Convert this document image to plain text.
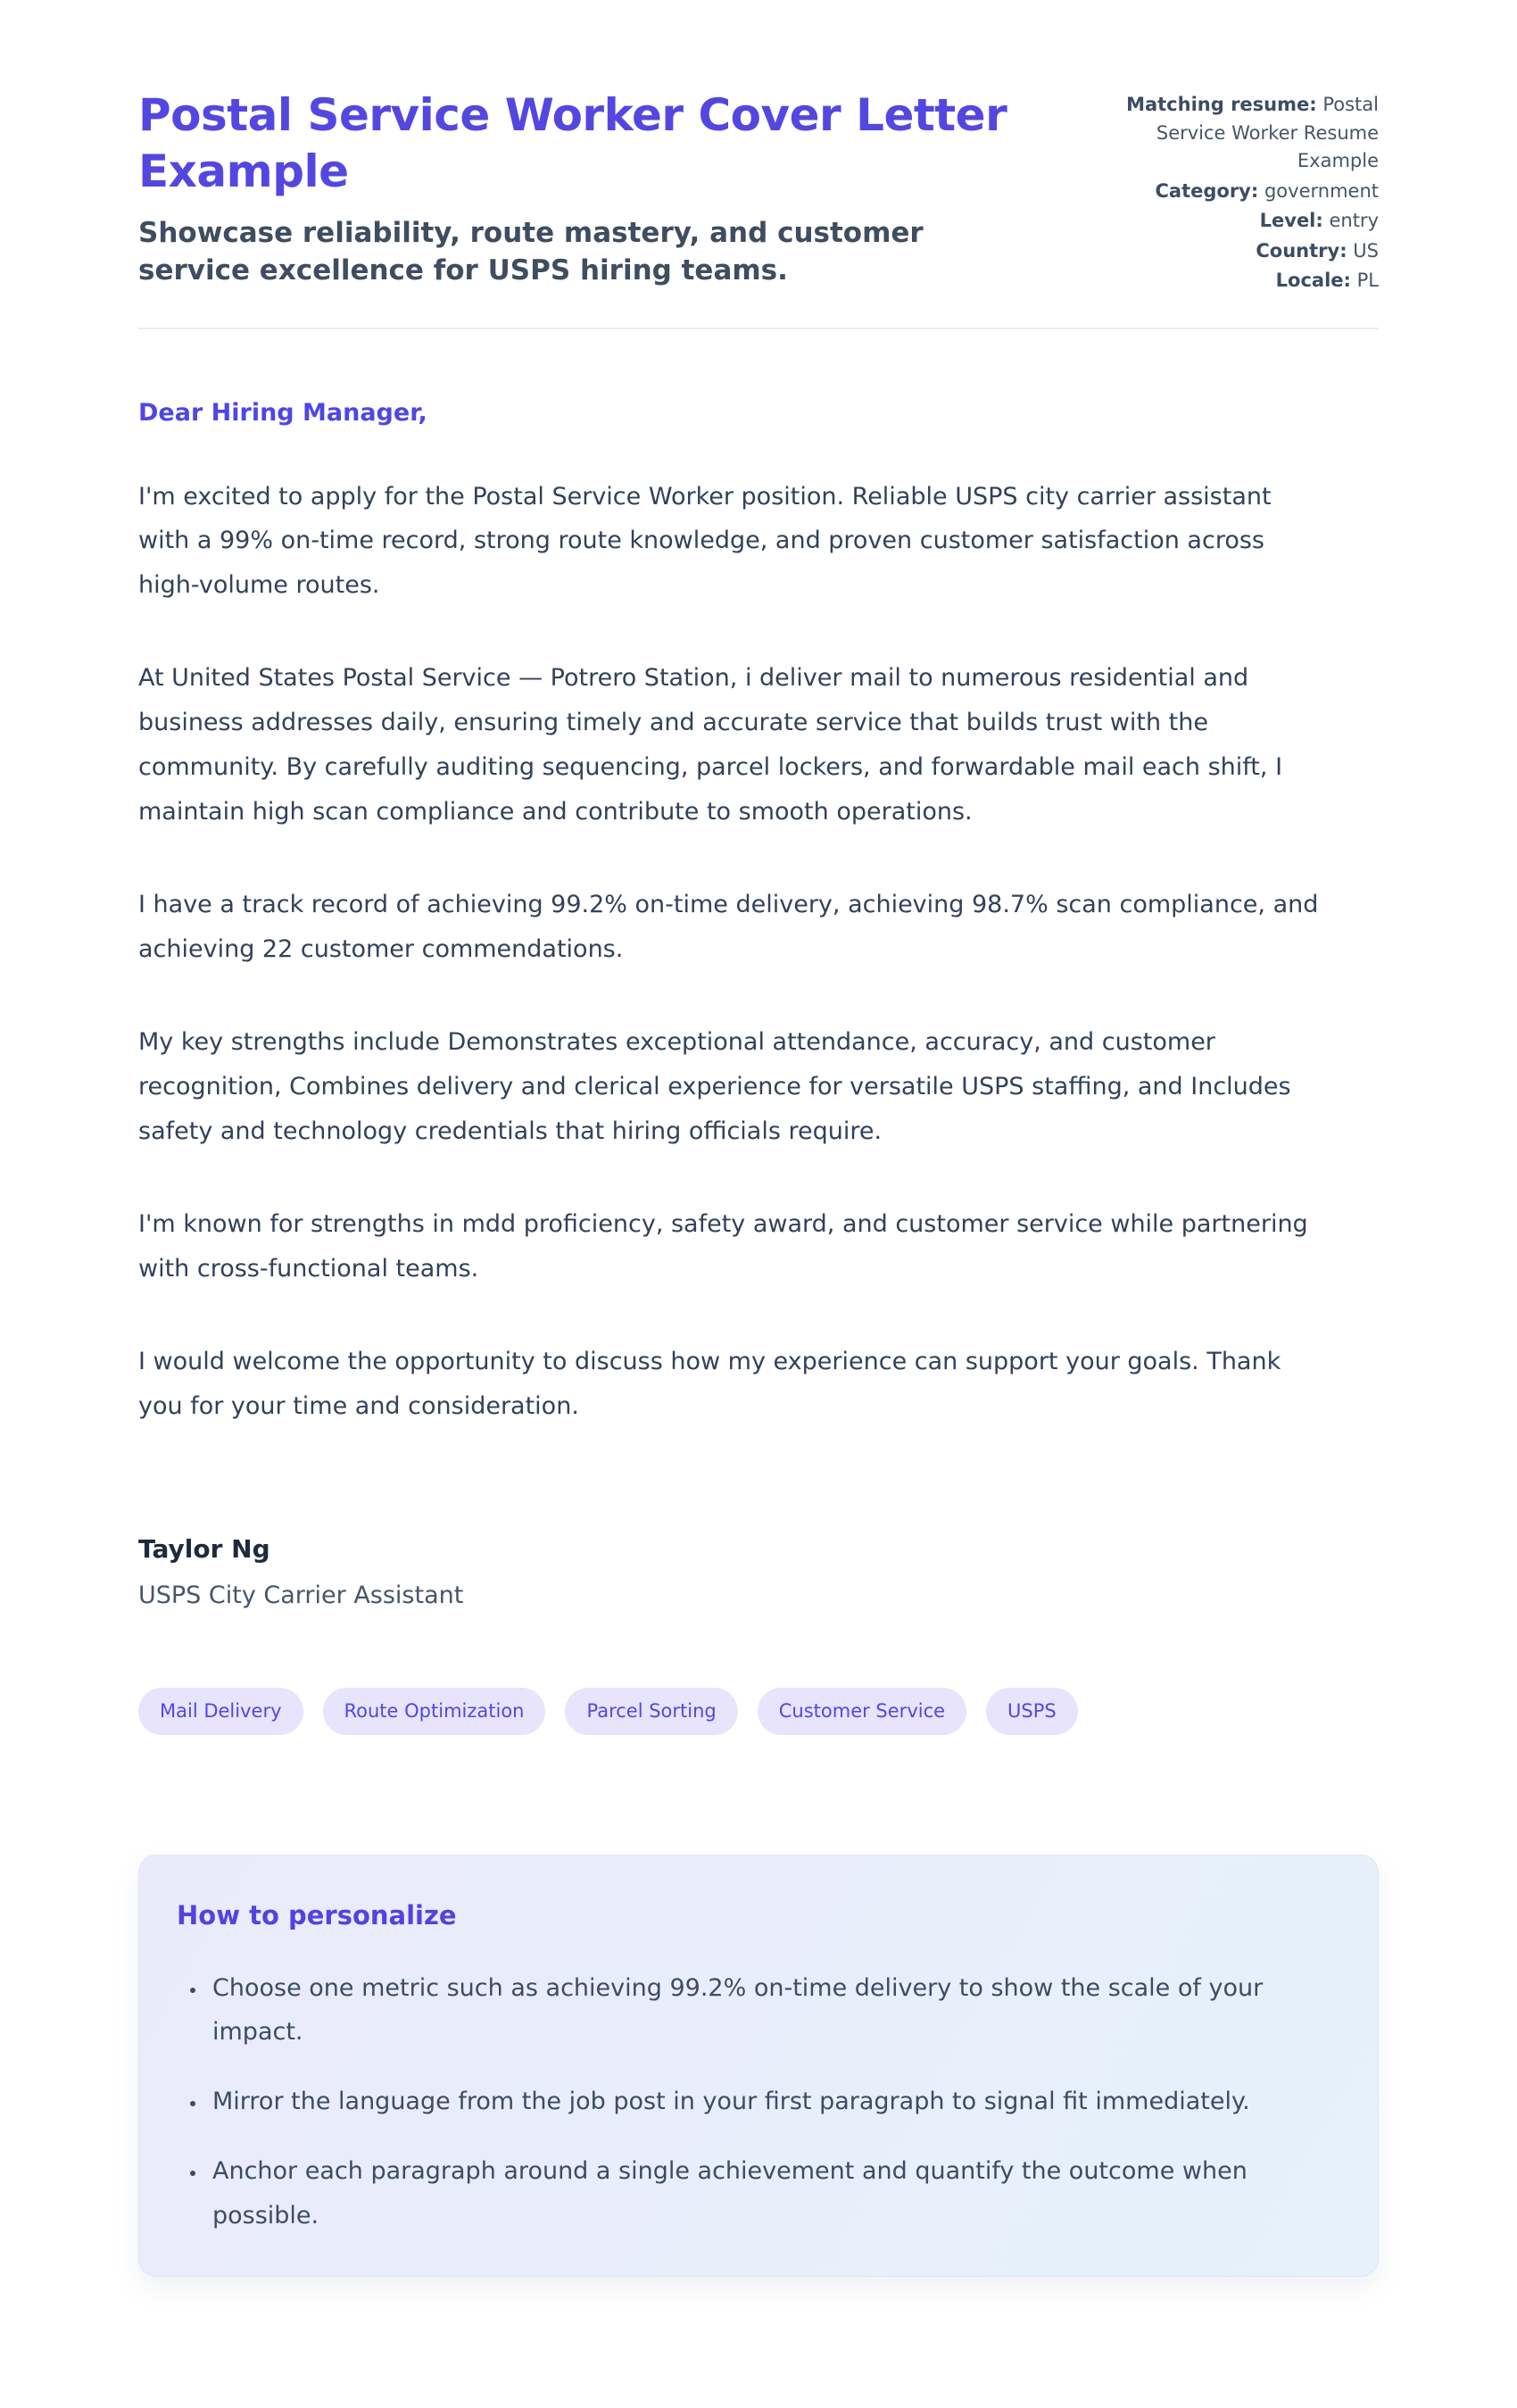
Postal Service Worker Cover Letter Example

Showcase reliability, route mastery, and customer service excellence for USPS hiring teams.

Matching resume: Postal Service Worker Resume Example
Category: government
Level: entry
Country: US
Locale: PL

Dear Hiring Manager,

I'm excited to apply for the Postal Service Worker position. Reliable USPS city carrier assistant with a 99% on-time record, strong route knowledge, and proven customer satisfaction across high-volume routes.

At United States Postal Service — Potrero Station, i deliver mail to numerous residential and business addresses daily, ensuring timely and accurate service that builds trust with the community. By carefully auditing sequencing, parcel lockers, and forwardable mail each shift, I maintain high scan compliance and contribute to smooth operations.

I have a track record of achieving 99.2% on-time delivery, achieving 98.7% scan compliance, and achieving 22 customer commendations.

My key strengths include Demonstrates exceptional attendance, accuracy, and customer recognition, Combines delivery and clerical experience for versatile USPS staffing, and Includes safety and technology credentials that hiring officials require.

I'm known for strengths in mdd proficiency, safety award, and customer service while partnering with cross-functional teams.

I would welcome the opportunity to discuss how my experience can support your goals. Thank you for your time and consideration.

Taylor Ng

USPS City Carrier Assistant

Mail Delivery	Route Optimization	Parcel Sorting	Customer Service	USPS
How to personalize
• Choose one metric such as achieving 99.2% on-time delivery to show the scale of your impact.
• Mirror the language from the job post in your first paragraph to signal fit immediately.
• Anchor each paragraph around a single achievement and quantify the outcome when possible.
